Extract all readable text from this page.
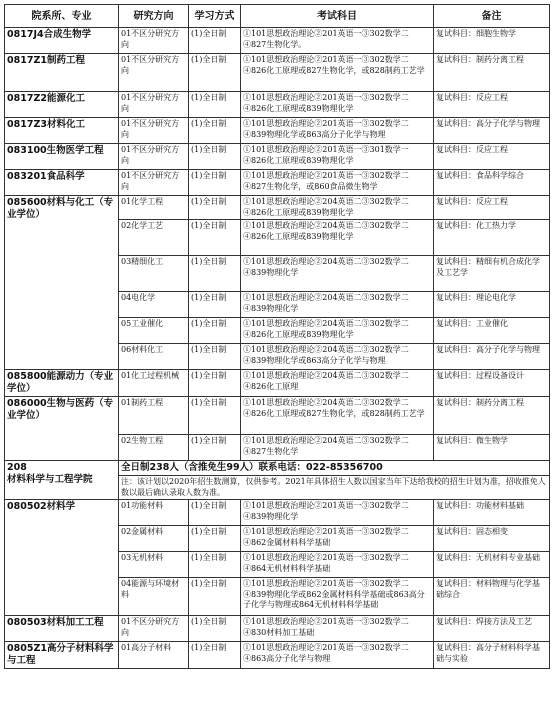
院系所、专业	研究方向	学习方式	考试科目	备注
0817J4合成生物学	01不区分研究方向	(1)全日制	①101思想政治理论②201英语一③302数学二④827生物化学。	复试科目：细胞生物学
0817Z1制药工程	01不区分研究方向	(1)全日制	①101思想政治理论②201英语一③302数学二④826化工原理或827生物化学，或828制药工艺学	复试科目：制药分离工程
0817Z2能源化工	01不区分研究方向	(1)全日制	①101思想政治理论②201英语一③302数学二④826化工原理或839物理化学	复试科目：反应工程
0817Z3材料化工	01不区分研究方向	(1)全日制	①101思想政治理论②201英语一③302数学二④839物理化学或863高分子化学与物理	复试科目：高分子化学与物理
083100生物医学工程	01不区分研究方向	(1)全日制	①101思想政治理论②201英语一③301数学一④826化工原理或839物理化学	复试科目：反应工程
083201食品科学	01不区分研究方向	(1)全日制	①101思想政治理论②201英语一③302数学二④827生物化学，或860食品微生物学	复试科目：食品科学综合
085600材料与化工（专业学位）	01化学工程	(1)全日制	①101思想政治理论②204英语二③302数学二④826化工原理或839物理化学	复试科目：反应工程
	02化学工艺	(1)全日制	①101思想政治理论②204英语二③302数学二④826化工原理或839物理化学	复试科目：化工热力学
	03精细化工	(1)全日制	①101思想政治理论②204英语二③302数学二④839物理化学	复试科目：精细有机合成化学及工艺学
	04电化学	(1)全日制	①101思想政治理论②204英语二③302数学二④839物理化学	复试科目：理论电化学
	05工业催化	(1)全日制	①101思想政治理论②204英语二③302数学二④826化工原理或839物理化学	复试科目：工业催化
	06材料化工	(1)全日制	①101思想政治理论②204英语二③302数学二④839物理化学或863高分子化学与物理	复试科目：高分子化学与物理
085800能源动力（专业学位）	01化工过程机械	(1)全日制	①101思想政治理论②204英语二③302数学二④826化工原理	复试科目：过程设备设计
086000生物与医药（专业学位）	01制药工程	(1)全日制	①101思想政治理论②204英语二③302数学二④826化工原理或827生物化学，或828制药工艺学	复试科目：制药分离工程
	02生物工程	(1)全日制	①101思想政治理论②204英语二③302数学二④827生物化学	复试科目：微生物学

208
材料科学与工程学院	全日制238人（含推免生99人）联系电话：022-85356700			
	注：该计划以2020年招生数测算，仅供参考。2021年具体招生人数以国家当年下达给我校的招生计划为准，招收推免人数以最后确认录取人数为准。			
080502材料学	01功能材料	(1)全日制	①101思想政治理论②201英语一③302数学二④839物理化学	复试科目：功能材料基础
	02金属材料	(1)全日制	①101思想政治理论②201英语一③302数学二④862金属材料科学基础	复试科目：固态相变
	03无机材料	(1)全日制	①101思想政治理论②201英语一③302数学二④864无机材料科学基础	复试科目：无机材料专业基础
	04能源与环境材料	(1)全日制	①101思想政治理论②201英语一③302数学二④839物理化学或862金属材料科学基础或863高分子化学与物理或864无机材料科学基础	复试科目：材料物理与化学基础综合
080503材料加工工程	01不区分研究方向	(1)全日制	①101思想政治理论②201英语一③302数学二④830材料加工基础	复试科目：焊接方法及工艺
0805Z1高分子材料科学与工程	01高分子材料	(1)全日制	①101思想政治理论②201英语一③302数学二④863高分子化学与物理	复试科目：高分子材料科学基础与实验
